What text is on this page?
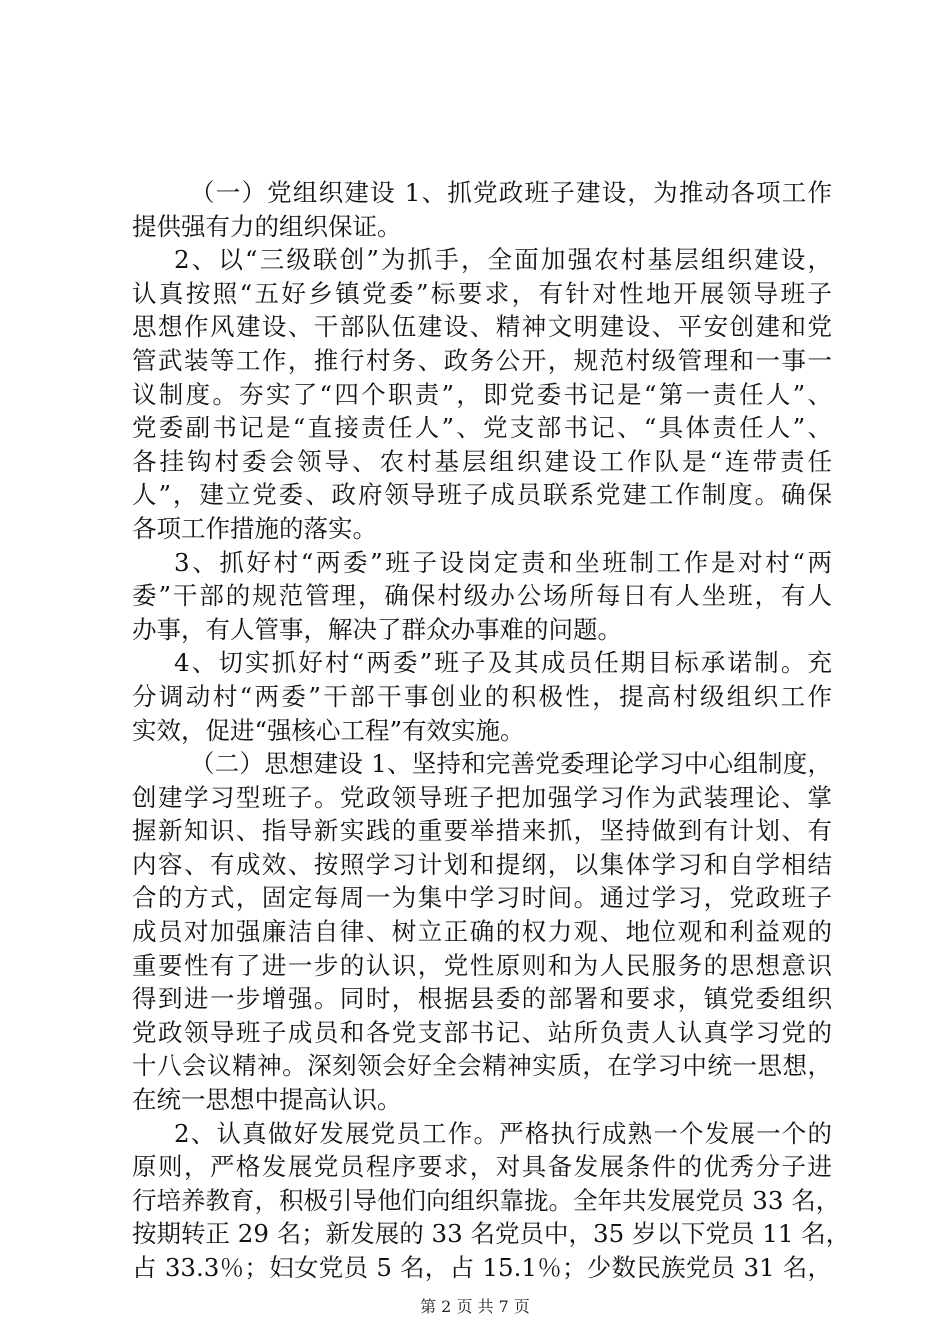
（一）党组织建设 1、抓党政班子建设，为推动各项工作
提供强有力的组织保证。
2、以“三级联创”为抓手，全面加强农村基层组织建设，
认真按照“五好乡镇党委”标要求，有针对性地开展领导班子
思想作风建设、干部队伍建设、精神文明建设、平安创建和党
管武装等工作，推行村务、政务公开，规范村级管理和一事一
议制度。夯实了“四个职责”，即党委书记是“第一责任人”、
党委副书记是“直接责任人”、党支部书记、“具体责任人”、
各挂钩村委会领导、农村基层组织建设工作队是“连带责任
人”，建立党委、政府领导班子成员联系党建工作制度。确保
各项工作措施的落实。
3、抓好村“两委”班子设岗定责和坐班制工作是对村“两
委”干部的规范管理，确保村级办公场所每日有人坐班，有人
办事，有人管事，解决了群众办事难的问题。
4、切实抓好村“两委”班子及其成员任期目标承诺制。充
分调动村“两委”干部干事创业的积极性，提高村级组织工作
实效，促进“强核心工程”有效实施。
（二）思想建设 1、坚持和完善党委理论学习中心组制度，
创建学习型班子。党政领导班子把加强学习作为武装理论、掌
握新知识、指导新实践的重要举措来抓，坚持做到有计划、有
内容、有成效、按照学习计划和提纲，以集体学习和自学相结
合的方式，固定每周一为集中学习时间。通过学习，党政班子
成员对加强廉洁自律、树立正确的权力观、地位观和利益观的
重要性有了进一步的认识，党性原则和为人民服务的思想意识
得到进一步增强。同时，根据县委的部署和要求，镇党委组织
党政领导班子成员和各党支部书记、站所负责人认真学习党的
十八会议精神。深刻领会好全会精神实质，在学习中统一思想，
在统一思想中提高认识。
2、认真做好发展党员工作。严格执行成熟一个发展一个的
原则，严格发展党员程序要求，对具备发展条件的优秀分子进
行培养教育，积极引导他们向组织靠拢。全年共发展党员 33 名，
按期转正 29 名；新发展的 33 名党员中，35 岁以下党员 11 名，
占 33.3％；妇女党员 5 名，占 15.1％；少数民族党员 31 名，
第 2 页 共 7 页
